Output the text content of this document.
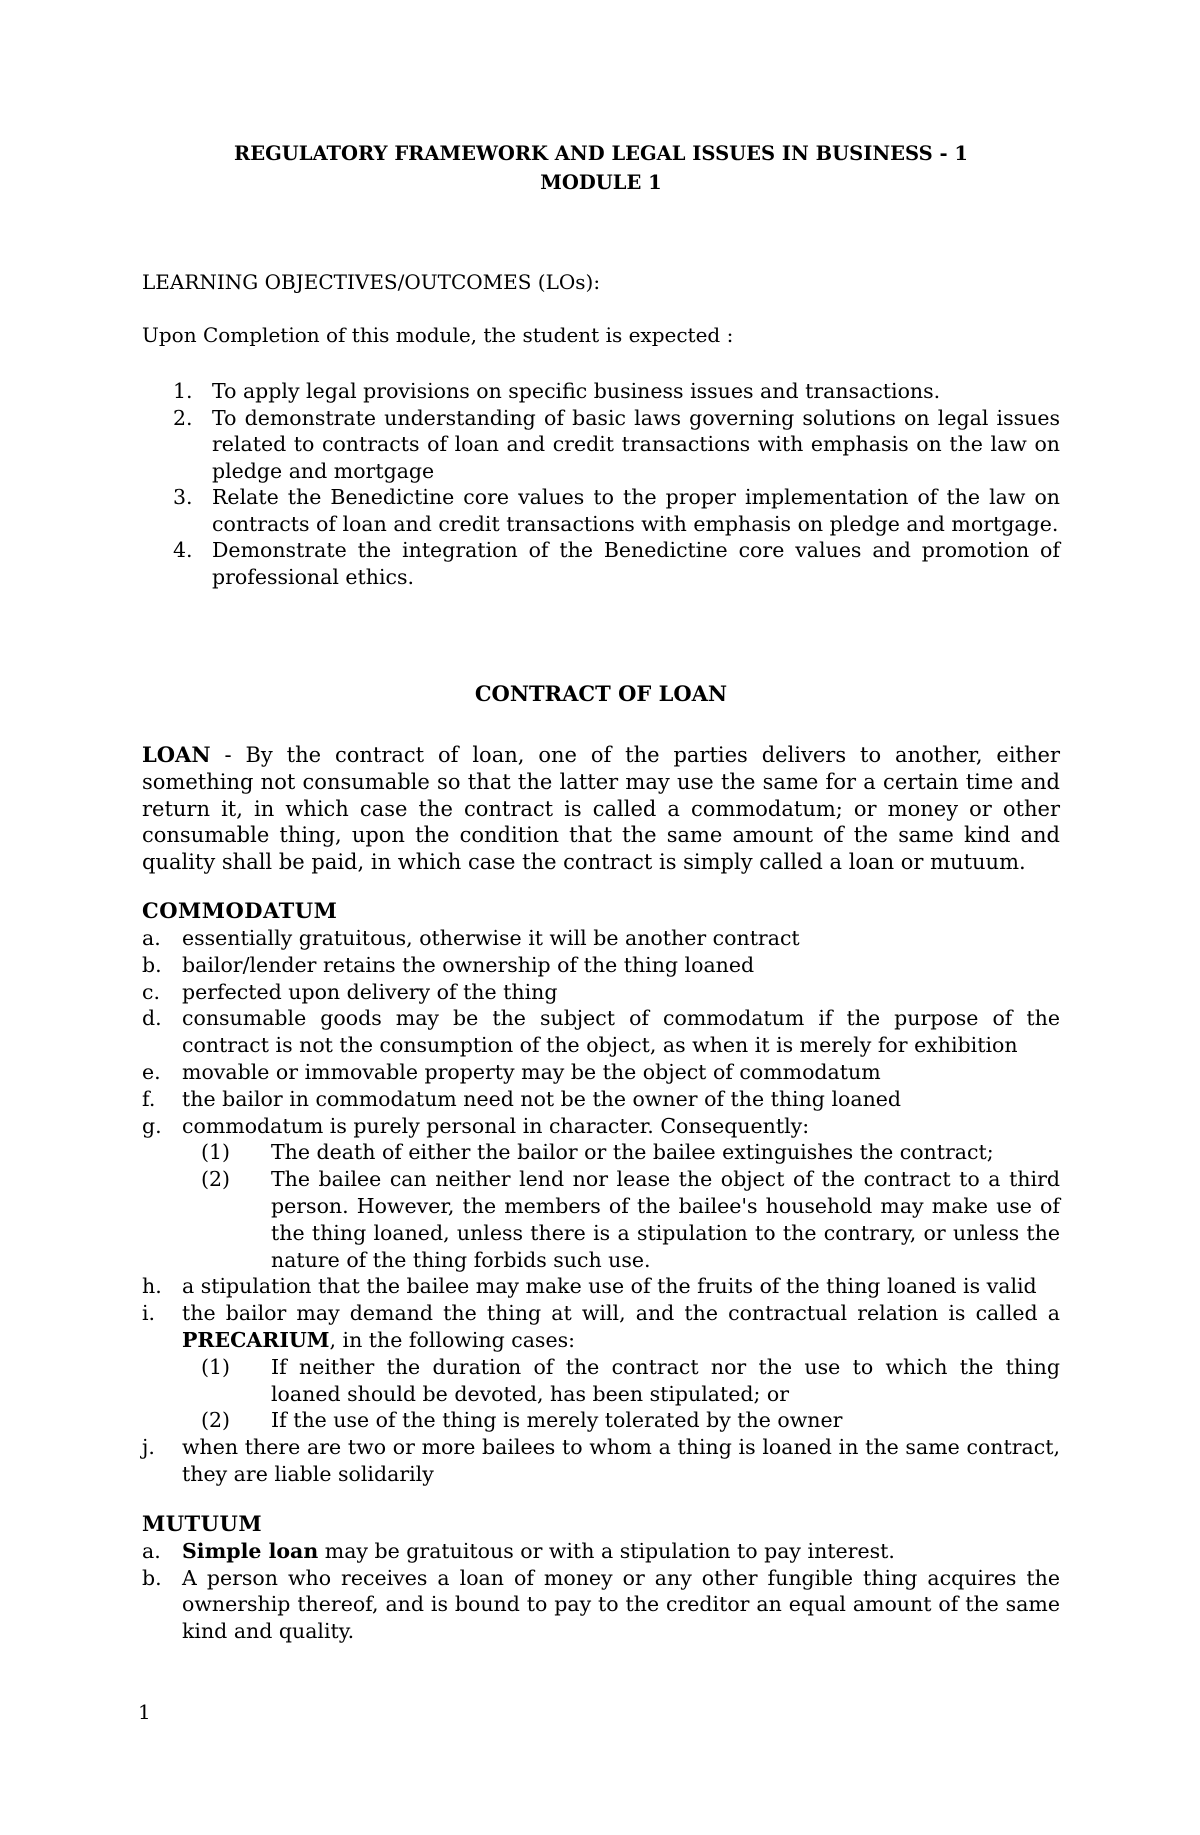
REGULATORY FRAMEWORK AND LEGAL ISSUES IN BUSINESS - 1
MODULE 1

LEARNING OBJECTIVES/OUTCOMES (LOs):

Upon Completion of this module, the student is expected :

1. To apply legal provisions on specific business issues and transactions.
2. To demonstrate understanding of basic laws governing solutions on legal issues related to contracts of loan and credit transactions with emphasis on the law on pledge and mortgage
3. Relate the Benedictine core values to the proper implementation of the law on contracts of loan and credit transactions with emphasis on pledge and mortgage.
4. Demonstrate the integration of the Benedictine core values and promotion of professional ethics.
CONTRACT OF LOAN

LOAN - By the contract of loan, one of the parties delivers to another, either something not consumable so that the latter may use the same for a certain time and return it, in which case the contract is called a commodatum; or money or other consumable thing, upon the condition that the same amount of the same kind and quality shall be paid, in which case the contract is simply called a loan or mutuum.

COMMODATUM
a. essentially gratuitous, otherwise it will be another contract
b. bailor/lender retains the ownership of the thing loaned
c. perfected upon delivery of the thing
d. consumable goods may be the subject of commodatum if the purpose of the contract is not the consumption of the object, as when it is merely for exhibition
e. movable or immovable property may be the object of commodatum
f. the bailor in commodatum need not be the owner of the thing loaned
g. commodatum is purely personal in character. Consequently:
(1) The death of either the bailor or the bailee extinguishes the contract;
(2) The bailee can neither lend nor lease the object of the contract to a third person. However, the members of the bailee's household may make use of the thing loaned, unless there is a stipulation to the contrary, or unless the nature of the thing forbids such use.
h. a stipulation that the bailee may make use of the fruits of the thing loaned is valid
i. the bailor may demand the thing at will, and the contractual relation is called a PRECARIUM, in the following cases:
(1) If neither the duration of the contract nor the use to which the thing loaned should be devoted, has been stipulated; or
(2) If the use of the thing is merely tolerated by the owner
j. when there are two or more bailees to whom a thing is loaned in the same contract, they are liable solidarily
MUTUUM
a. Simple loan may be gratuitous or with a stipulation to pay interest.
b. A person who receives a loan of money or any other fungible thing acquires the ownership thereof, and is bound to pay to the creditor an equal amount of the same kind and quality.
1
